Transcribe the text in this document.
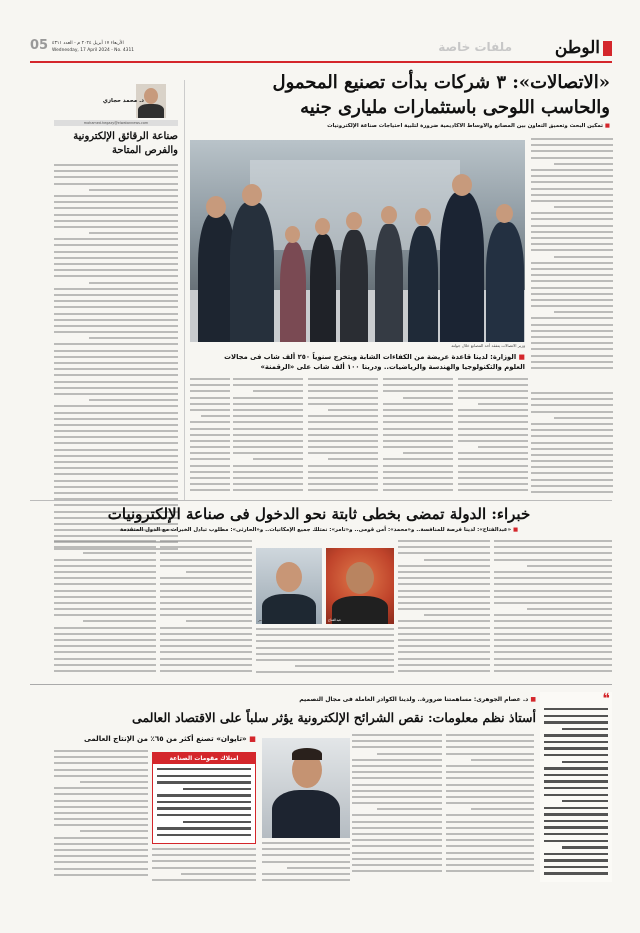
الوطن
ملفات خاصة
الأربعاء ١٧ أبريل ٢٠٢٤ م - العدد ٤٣١١
Wednesday, 17 April 2024 - No. 4311
05
د. محمد حجازي
mohamed.hegazy@elwatannews.com
صناعة الرقائق الإلكترونية
والفرص المتاحة
«الاتصالات»: ٣ شركات بدأت تصنيع المحمول
والحاسب اللوحى باستثمارات مليارى جنيه
■ تمكين البحث وتعميق التعاون بين المصانع والأوساط الأكاديمية ضرورة لتلبية احتياجات صناعة الإلكترونيات
وزير الاتصالات يتفقد أحد المصانع خلال جولته
■ الوزارة: لدينا قاعدة عريضة من الكفاءات الشابة ويتخرج سنوياً ٢٥٠ ألف شاب فى مجالات
العلوم والتكنولوجيا والهندسة والرياضيات.. ودربنا ١٠٠ ألف شاب على «الرقمنة»
خبراء: الدولة تمضى بخطى ثابتة نحو الدخول فى صناعة الإلكترونيات
■ «عبدالفتاح»: لدينا فرصة للمنافسة.. و«محمد»: أمن قومى.. و«تامر»: نمتلك جميع الإمكانيات.. و«الحارثى»: مطلوب تبادل الخبرات مع الدول المتقدمة
عبدالفتاح
تامر
❝
■ د. عصام الجوهرى: مساهمتنا ضرورة.. ولدينا الكوادر العاملة فى مجال التصميم
أستاذ نظم معلومات: نقص الشرائح الإلكترونية يؤثر سلباً على الاقتصاد العالمى
■ «تايوان» تصنع أكثر من ٦٥٪ من الإنتاج العالمى
امتلاك مقومات الصناعة
